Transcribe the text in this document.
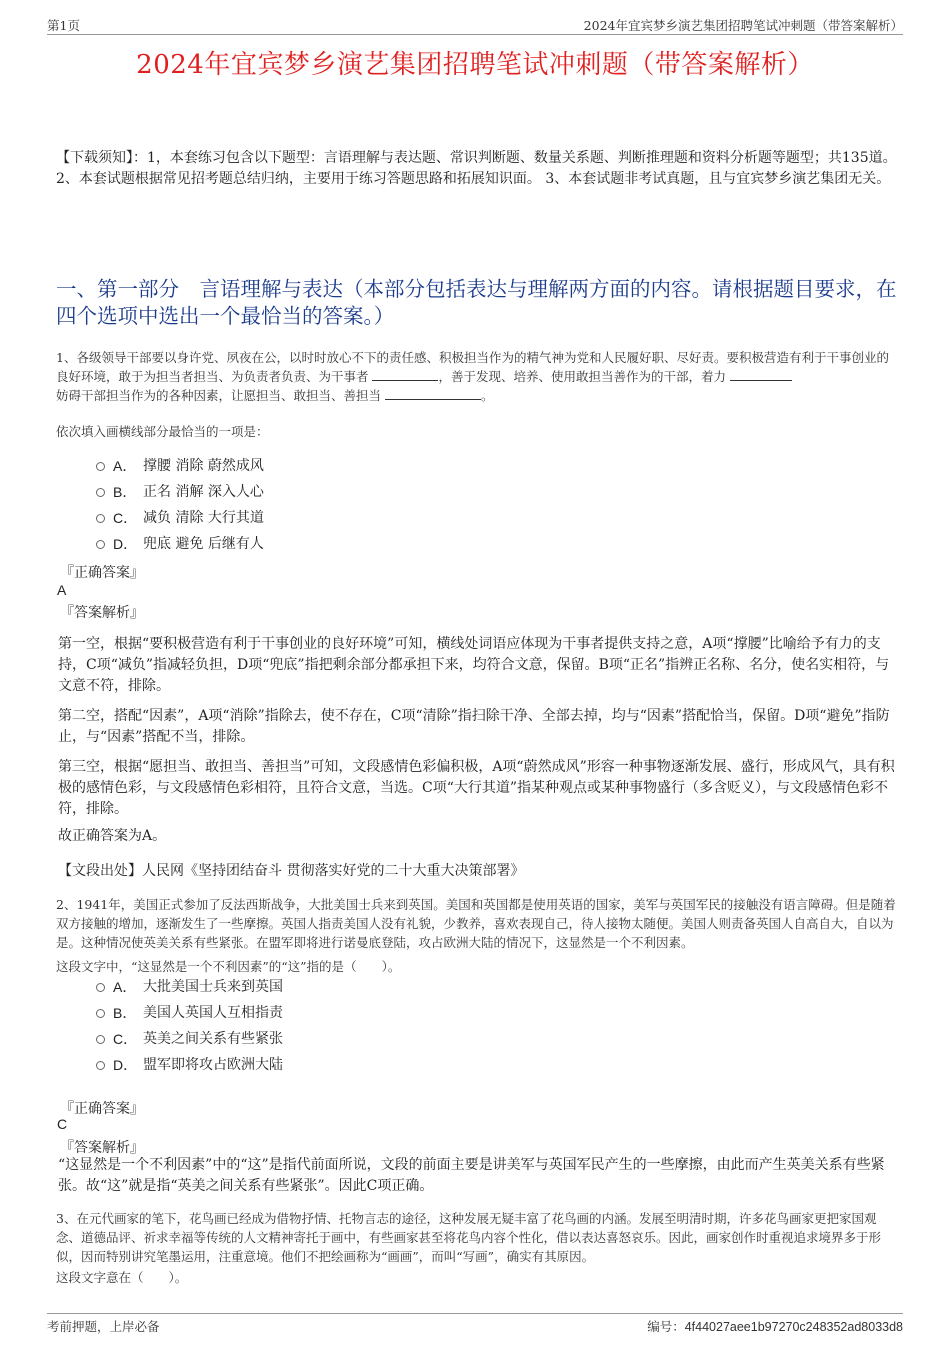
第1页	2024年宜宾梦乡演艺集团招聘笔试冲刺题（带答案解析）
2024年宜宾梦乡演艺集团招聘笔试冲刺题（带答案解析）
【下载须知】：1，本套练习包含以下题型：言语理解与表达题、常识判断题、数量关系题、判断推理题和资料分析题等题型；共135道。 2、本套试题根据常见招考题总结归纳，主要用于练习答题思路和拓展知识面。 3、本套试题非考试真题，且与宜宾梦乡演艺集团无关。
一、第一部分　言语理解与表达（本部分包括表达与理解两方面的内容。请根据题目要求，在四个选项中选出一个最恰当的答案。）
1、各级领导干部要以身许党、夙夜在公，以时时放心不下的责任感、积极担当作为的精气神为党和人民履好职、尽好责。要积极营造有利于干事创业的良好环境，敢于为担当者担当、为负责者负责、为干事者	，善于发现、培养、使用敢担当善作为的干部，着力
妨碍干部担当作为的各种因素，让愿担当、敢担当、善担当	。
依次填入画横线部分最恰当的一项是：
A． 撑腰 消除 蔚然成风
B． 正名 消解 深入人心
C． 减负 清除 大行其道
D． 兜底 避免 后继有人
『正确答案』
A
『答案解析』
第一空，根据“要积极营造有利于干事创业的良好环境”可知，横线处词语应体现为干事者提供支持之意，A项“撑腰”比喻给予有力的支持，C项“减负”指减轻负担，D项“兜底”指把剩余部分都承担下来，均符合文意，保留。B项“正名”指辨正名称、名分，使名实相符，与文意不符，排除。
第二空，搭配“因素”，A项“消除”指除去，使不存在，C项“清除”指扫除干净、全部去掉，均与“因素”搭配恰当，保留。D项“避免”指防止，与“因素”搭配不当，排除。
第三空，根据“愿担当、敢担当、善担当”可知，文段感情色彩偏积极，A项“蔚然成风”形容一种事物逐渐发展、盛行，形成风气，具有积极的感情色彩，与文段感情色彩相符，且符合文意，当选。C项“大行其道”指某种观点或某种事物盛行（多含贬义），与文段感情色彩不符，排除。
故正确答案为A。
【文段出处】人民网《坚持团结奋斗 贯彻落实好党的二十大重大决策部署》
2、1941年，美国正式参加了反法西斯战争，大批美国士兵来到英国。美国和英国都是使用英语的国家，美军与英国军民的接触没有语言障碍。但是随着双方接触的增加，逐渐发生了一些摩擦。英国人指责美国人没有礼貌，少教养，喜欢表现自己，待人接物太随便。美国人则责备英国人自高自大，自以为是。这种情况使英美关系有些紧张。在盟军即将进行诺曼底登陆，攻占欧洲大陆的情况下，这显然是一个不利因素。
这段文字中，“这显然是一个不利因素”的“这”指的是（　　）。
A． 大批美国士兵来到英国
B． 美国人英国人互相指责
C． 英美之间关系有些紧张
D． 盟军即将攻占欧洲大陆
『正确答案』
C
『答案解析』
“这显然是一个不利因素”中的“这”是指代前面所说，文段的前面主要是讲美军与英国军民产生的一些摩擦，由此而产生英美关系有些紧张。故“这”就是指“英美之间关系有些紧张”。因此C项正确。
3、在元代画家的笔下，花鸟画已经成为借物抒情、托物言志的途径，这种发展无疑丰富了花鸟画的内涵。发展至明清时期，许多花鸟画家更把家国观念、道德品评、祈求幸福等传统的人文精神寄托于画中，有些画家甚至将花鸟内容个性化，借以表达喜怒哀乐。因此，画家创作时重视追求境界多于形似，因而特别讲究笔墨运用，注重意境。他们不把绘画称为“画画”，而叫“写画”，确实有其原因。
这段文字意在（　　）。
考前押题，上岸必备	编号：4f44027aee1b97270c248352ad8033d8
